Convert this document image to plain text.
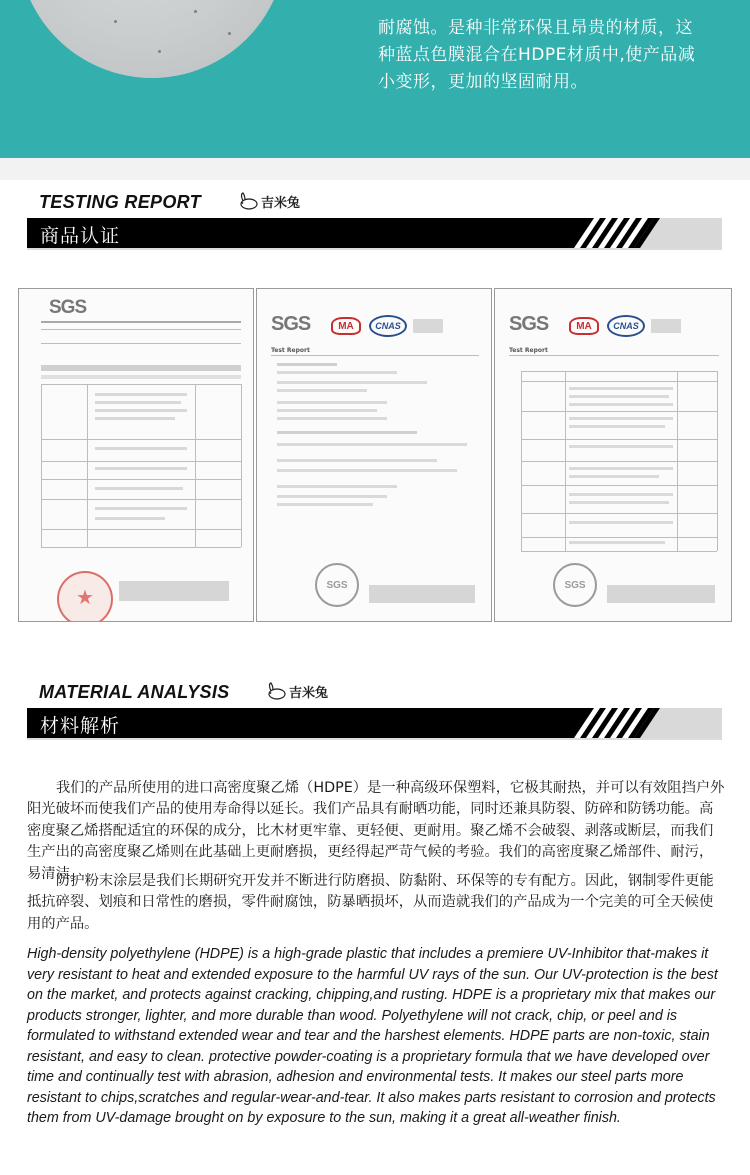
耐腐蚀。是种非常环保且昂贵的材质，这

种蓝点色膜混合在HDPE材质中,使产品减

小变形，更加的坚固耐用。

TESTING REPORT	吉米兔
商品认证
SGS
★
SGS	MA CNAS
Test Report
SGS
SGS	MA CNAS
Test Report
SGS
MATERIAL ANALYSIS	吉米兔
材料解析

我们的产品所使用的进口高密度聚乙烯（HDPE）是一种高级环保塑料，它极其耐热，并可以有效阻挡户外阳光破坏而使我们产品的使用寿命得以延长。我们产品具有耐晒功能，同时还兼具防裂、防碎和防锈功能。高密度聚乙烯搭配适宜的环保的成分，比木材更牢靠、更轻便、更耐用。聚乙烯不会破裂、剥落或断层，而我们生产出的高密度聚乙烯则在此基础上更耐磨损，更经得起严苛气候的考验。我们的高密度聚乙烯部件、耐污，易清洁。

防护粉末涂层是我们长期研究开发并不断进行防磨损、防黏附、环保等的专有配方。因此，钢制零件更能抵抗碎裂、划痕和日常性的磨损，零件耐腐蚀，防暴晒损坏，从而造就我们的产品成为一个完美的可全天候使用的产品。

High-density polyethylene (HDPE) is a high-grade plastic that includes a premiere UV-Inhibitor that-makes it very resistant to heat and extended exposure to the harmful UV rays of the sun. Our UV-protection is the best on the market, and protects against cracking, chipping,and rusting. HDPE is a proprietary mix that makes our products stronger, lighter, and more durable than wood. Polyethylene will not crack, chip, or peel and is formulated to withstand extended wear and tear and the harshest elements. HDPE parts are non-toxic, stain resistant, and easy to clean. protective powder-coating is a proprietary formula that we have developed over time and continually test with abrasion, adhesion and environmental tests. It makes our steel parts more resistant to chips,scratches and regular-wear-and-tear. It also makes parts resistant to corrosion and protects them from UV-damage brought on by exposure to the sun, making it a great all-weather finish.
